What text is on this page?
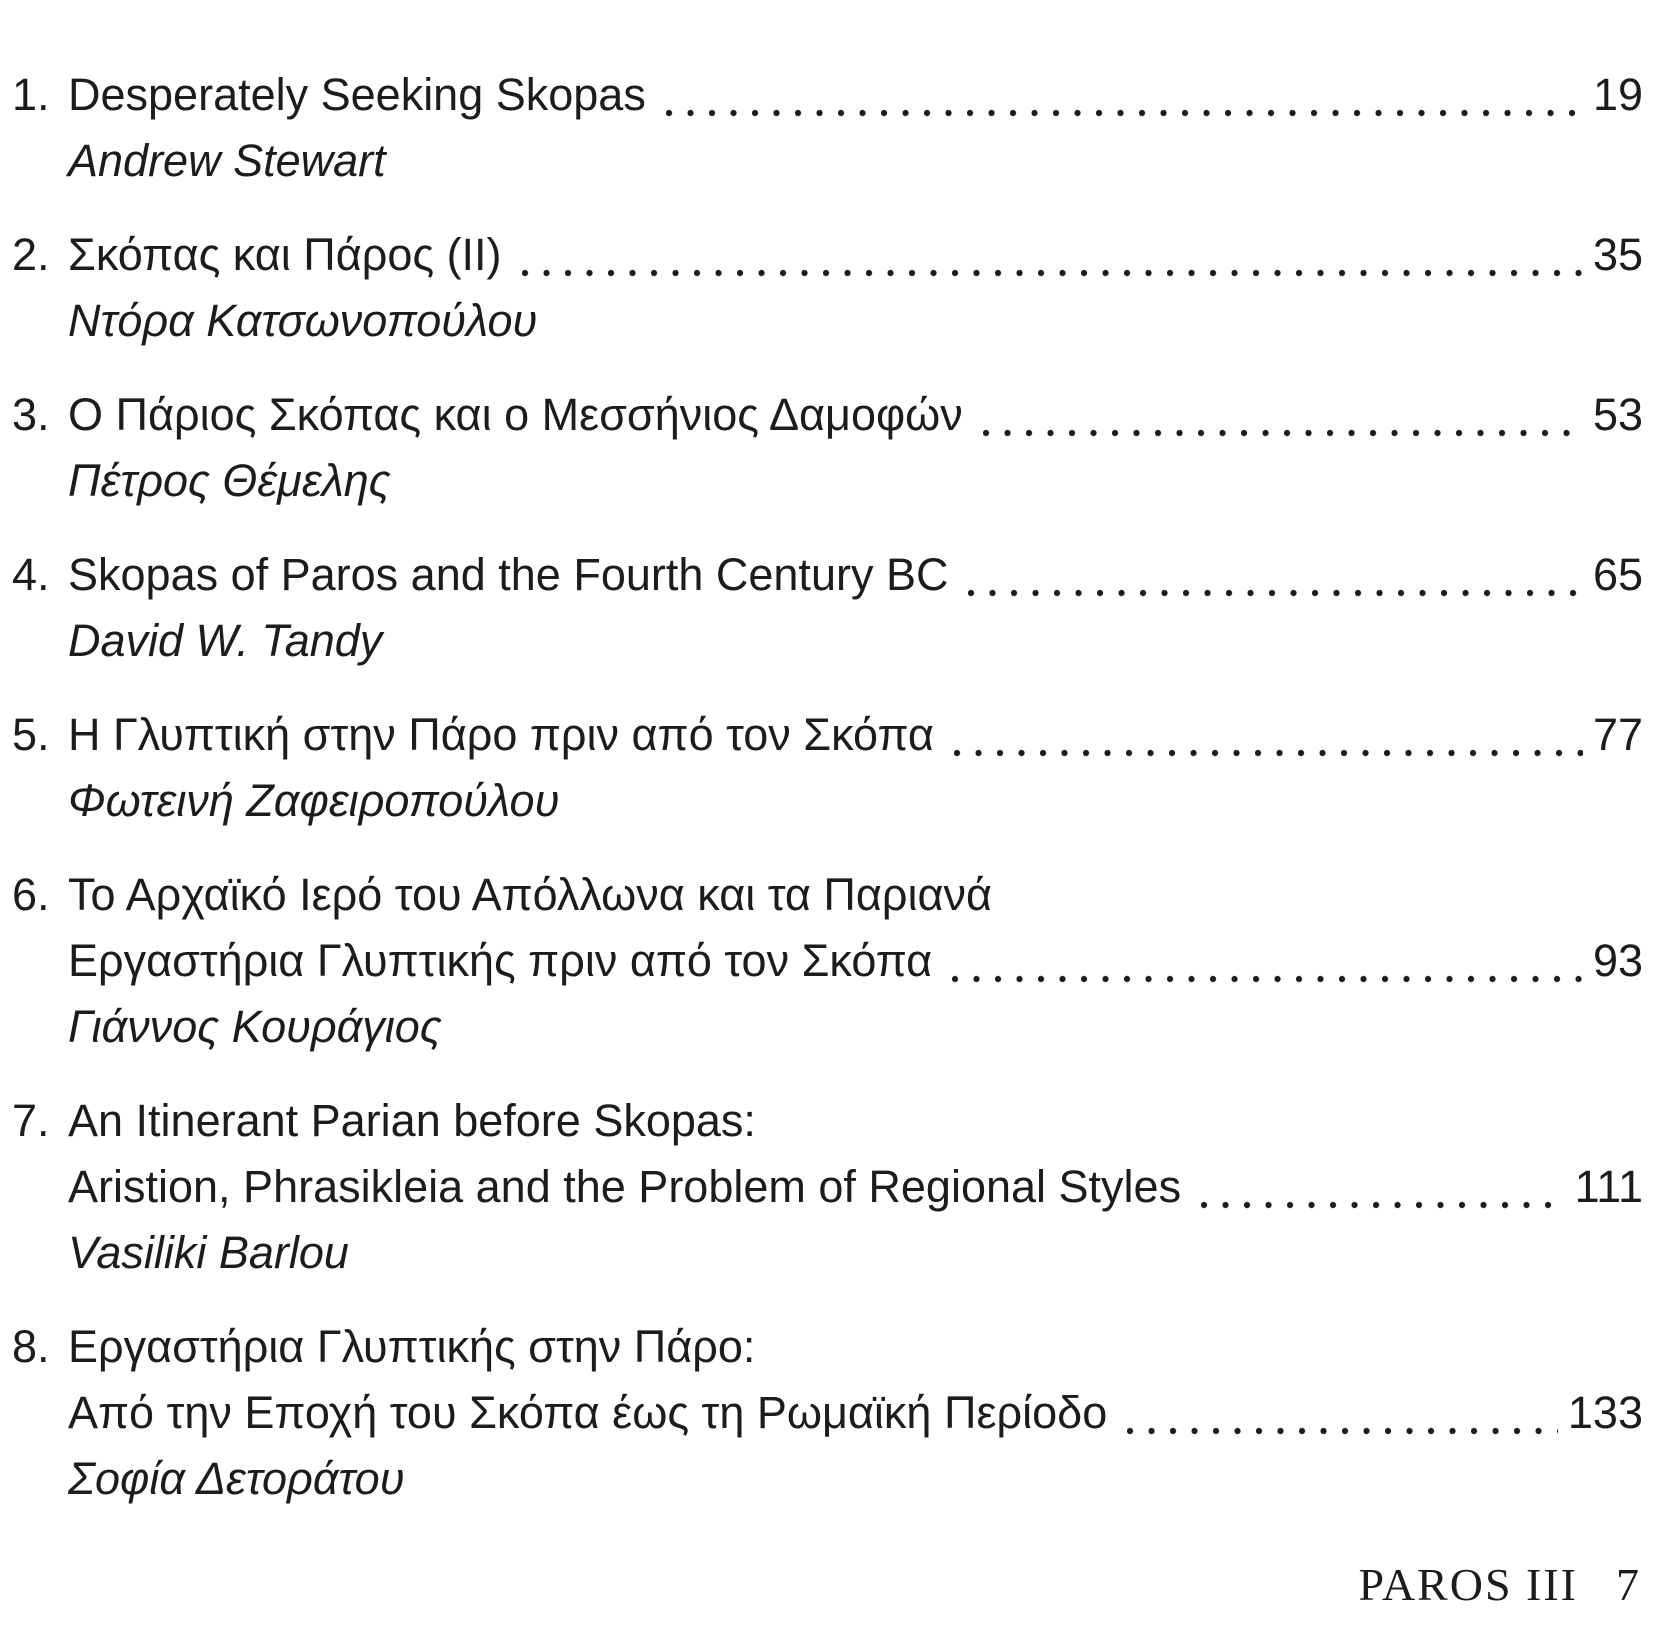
1. Desperately Seeking Skopas	19
Andrew Stewart
2. Σκόπας και Πάρος (ΙΙ)	35
Ντόρα Κατσωνοπούλου
3. Ο Πάριος Σκόπας και ο Μεσσήνιος Δαμοφών	53
Πέτρος Θέμελης
4. Skopas of Paros and the Fourth Century BC	65
David W. Tandy
5. Η Γλυπτική στην Πάρο πριν από τον Σκόπα	77
Φωτεινή Ζαφειροπούλου
6. Το Αρχαϊκό Ιερό του Απόλλωνα και τα Παριανά
Εργαστήρια Γλυπτικής πριν από τον Σκόπα	93
Γιάννος Κουράγιος
7. An Itinerant Parian before Skopas:
Aristion, Phrasikleia and the Problem of Regional Styles	111
Vasiliki Barlou
8. Εργαστήρια Γλυπτικής στην Πάρο:
Από την Εποχή του Σκόπα έως τη Ρωμαϊκή Περίοδο	133
Σοφία Δετοράτου
PAROS III 7
